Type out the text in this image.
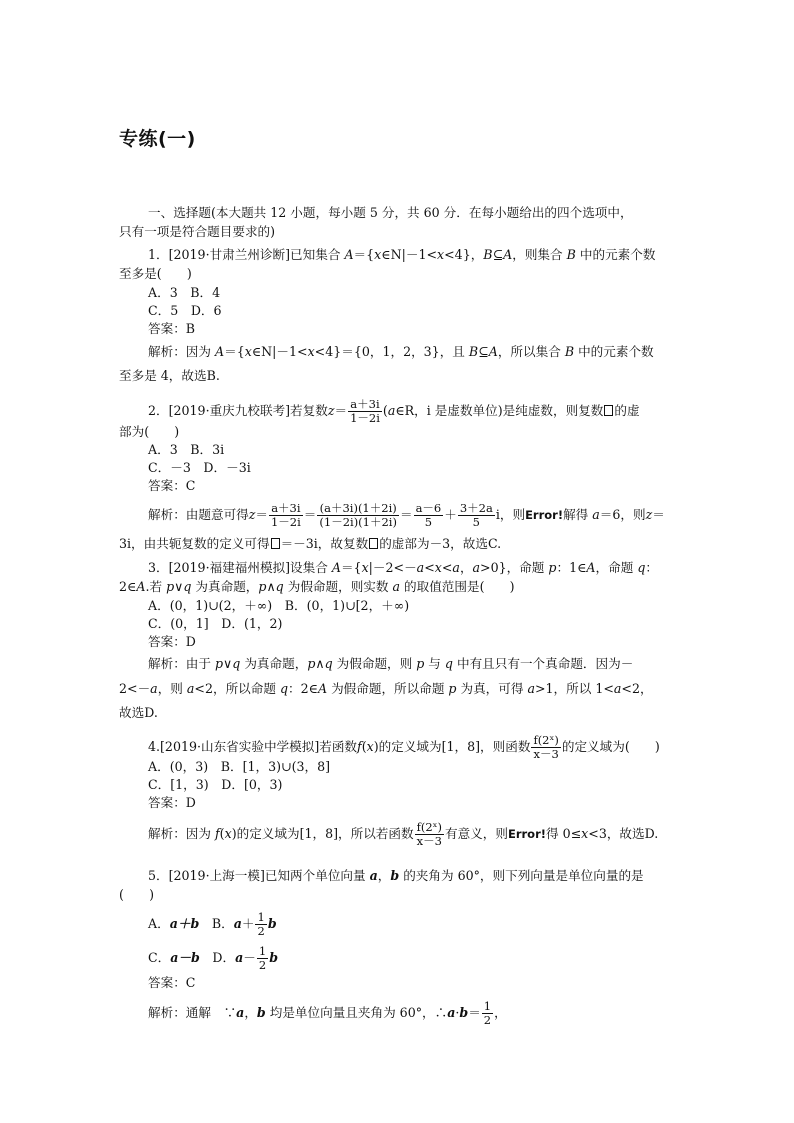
专练(一)
一、选择题(本大题共 12 小题，每小题 5 分，共 60 分．在每小题给出的四个选项中，
只有一项是符合题目要求的)
1．[2019·甘肃兰州诊断]已知集合 A＝{x∈N|－1<x<4}，B⊆A，则集合 B 中的元素个数
至多是(　　)
A．3　B．4
C．5　D．6
答案：B
解析：因为 A＝{x∈N|－1<x<4}＝{0，1，2，3}，且 B⊆A，所以集合 B 中的元素个数
至多是 4，故选B.
2．[2019·重庆九校联考]若复数$z= \frac{a+3i}{1-2i}$ (a∈R，i 是虚数单位)是纯虚数，则复数 的虚
部为(　　)
A．3　B．3i
C．－3　D．－3i
答案：C
解析：由题意可得$z= \frac{a+3i}{1-2i} = \frac{(a+3i)(1+2i)}{(1-2i)(1+2i)} = \frac{a-6}{5} + \frac{3+2a}{5}$ i，则Error!解得 a＝6，则z＝
3i，由共轭复数的定义可得 ＝－3i，故复数 的虚部为－3，故选C.
3．[2019·福建福州模拟]设集合 A＝{x|－2<－a<x<a，a>0}，命题 p：1∈A，命题 q：
2∈A.若 p∨q 为真命题，p∧q 为假命题，则实数 a 的取值范围是(　　)
A．(0，1)∪(2，＋∞)　B．(0，1)∪[2，＋∞)
C．(0，1]　D．(1，2)
答案：D
解析：由于 p∨q 为真命题，p∧q 为假命题，则 p 与 q 中有且只有一个真命题．因为－
2<－a，则 a<2，所以命题 q：2∈A 为假命题，所以命题 p 为真，可得 a>1，所以 1<a<2，
故选D.
4.[2019·山东省实验中学模拟]若函数f(x)的定义域为[1，8]，则函数 $\frac{\text{f(2ˣ)}}{x-3}$ 的定义域为(　　)
A．(0，3)　B．[1，3)∪(3，8]
C．[1，3)　D．[0，3)
答案：D
解析：因为 f(x)的定义域为[1，8]，所以若函数 $\frac{\text{f(2ˣ)}}{x-3}$ 有意义，则Error!得 0≤x<3，故选D.
5．[2019·上海一模]已知两个单位向量 a，b 的夹角为 60°，则下列向量是单位向量的是
(　　)
A．a＋b　B．$a+ \frac{1}{2}$ b
C．a－b　D．$a- \frac{1}{2}$ b
答案：C
解析：通解　∵a，b 均是单位向量且夹角为 60°，∴a·b＝ $\frac{1}{2}$ ，
